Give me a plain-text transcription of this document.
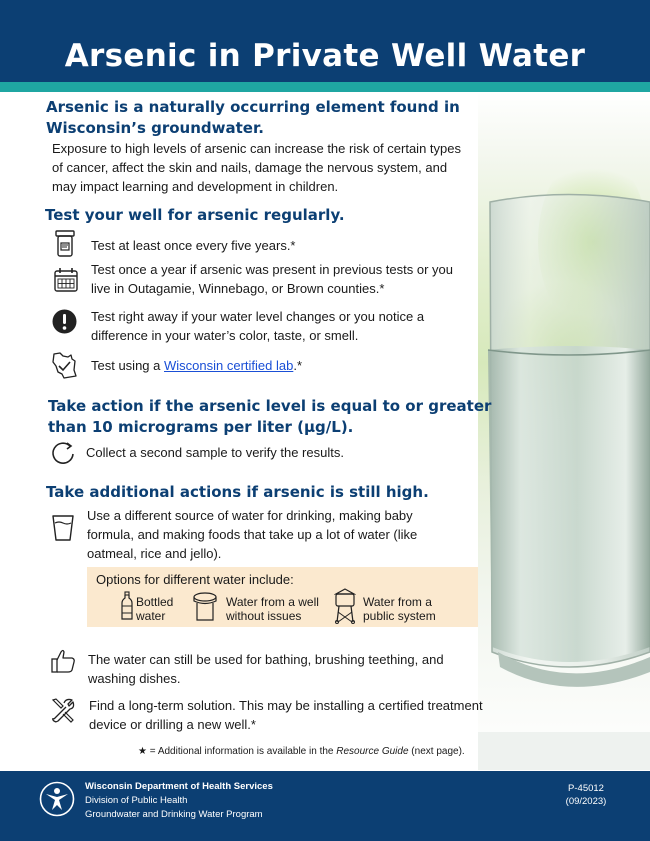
Arsenic in Private Well Water
Arsenic is a naturally occurring element found in
Wisconsin’s groundwater.
Exposure to high levels of arsenic can increase the risk of certain types
of cancer, affect the skin and nails, damage the nervous system, and
may impact learning and development in children.
Test your well for arsenic regularly.
Test at least once every five years.*
Test once a year if arsenic was present in previous tests or you
live in Outagamie, Winnebago, or Brown counties.*
Test right away if your water level changes or you notice a
difference in your water’s color, taste, or smell.
Test using a Wisconsin certified lab.*
Take action if the arsenic level is equal to or greater
than 10 micrograms per liter (µg/L).
Collect a second sample to verify the results.
Take additional actions if arsenic is still high.
Use a different source of water for drinking, making baby
formula, and making foods that take up a lot of water (like
oatmeal, rice and jello).
Options for different water include:
Bottled
water
Water from a well
without issues
Water from a
public system
The water can still be used for bathing, brushing teething, and
washing dishes.
Find a long-term solution. This may be installing a certified treatment
device or drilling a new well.*
★ = Additional information is available in the Resource Guide (next page).
Wisconsin Department of Health Services
Division of Public Health
Groundwater and Drinking Water Program
P-45012
(09/2023)
